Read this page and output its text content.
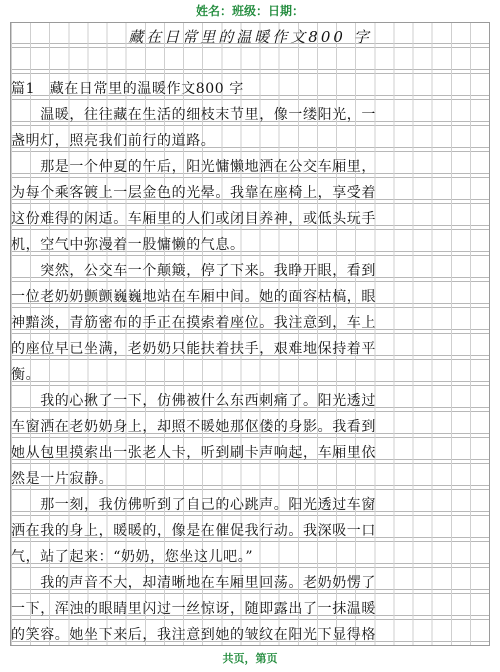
姓名：班级：日期：
藏在日常里的温暖作文800 字
篇1　藏在日常里的温暖作文800 字
　　温暖，往往藏在生活的细枝末节里，像一缕阳光，一
盏明灯，照亮我们前行的道路。
　　那是一个仲夏的午后，阳光慵懒地洒在公交车厢里，
为每个乘客镀上一层金色的光晕。我靠在座椅上，享受着
这份难得的闲适。车厢里的人们或闭目养神，或低头玩手
机，空气中弥漫着一股慵懒的气息。
　　突然，公交车一个颠簸，停了下来。我睁开眼，看到
一位老奶奶颤颤巍巍地站在车厢中间。她的面容枯槁，眼
神黯淡，青筋密布的手正在摸索着座位。我注意到，车上
的座位早已坐满，老奶奶只能扶着扶手，艰难地保持着平
衡。
　　我的心揪了一下，仿佛被什么东西刺痛了。阳光透过
车窗洒在老奶奶身上，却照不暖她那伛偻的身影。我看到
她从包里摸索出一张老人卡，听到刷卡声响起，车厢里依
然是一片寂静。
　　那一刻，我仿佛听到了自己的心跳声。阳光透过车窗
洒在我的身上，暖暖的，像是在催促我行动。我深吸一口
气，站了起来：“奶奶，您坐这儿吧。”
　　我的声音不大，却清晰地在车厢里回荡。老奶奶愣了
一下，浑浊的眼睛里闪过一丝惊讶，随即露出了一抹温暖
的笑容。她坐下来后，我注意到她的皱纹在阳光下显得格
共页，第页
